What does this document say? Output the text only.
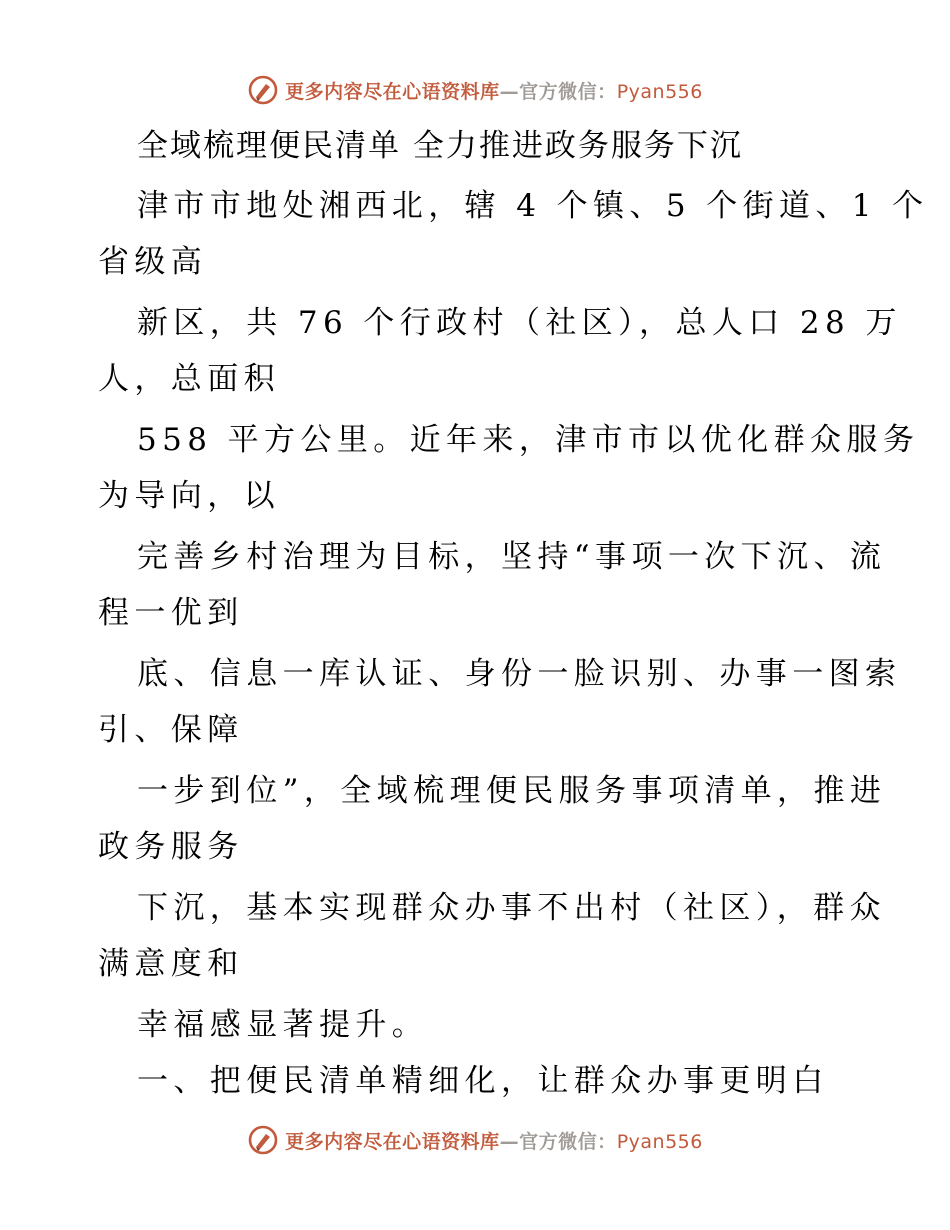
更多内容尽在心语资料库—官方微信：Pyan556
全域梳理便民清单 全力推进政务服务下沉
津市市地处湘西北，辖 4 个镇、5 个街道、1 个
省级高
新区，共 76 个行政村（社区），总人口 28 万
人，总面积
558 平方公里。近年来，津市市以优化群众服务
为导向，以
完善乡村治理为目标，坚持“事项一次下沉、流
程一优到
底、信息一库认证、身份一脸识别、办事一图索
引、保障
一步到位”，全域梳理便民服务事项清单，推进
政务服务
下沉，基本实现群众办事不出村（社区），群众
满意度和
幸福感显著提升。
一、把便民清单精细化，让群众办事更明白
更多内容尽在心语资料库—官方微信：Pyan556
